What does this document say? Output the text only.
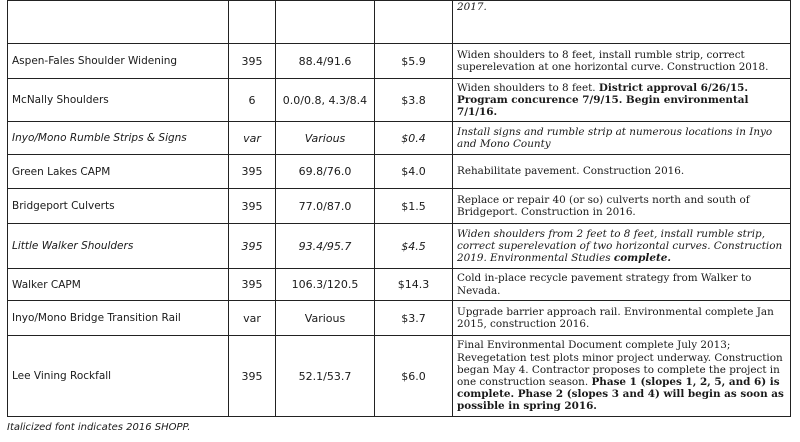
				2017.
Aspen-Fales Shoulder Widening	395	88.4/91.6	$5.9	Widen shoulders to 8 feet, install rumble strip, correct superelevation at one horizontal curve. Construction 2018.
McNally Shoulders	6	0.0/0.8, 4.3/8.4	$3.8	Widen shoulders to 8 feet. District approval 6/26/15. Program concurence 7/9/15. Begin environmental 7/1/16.
Inyo/Mono Rumble Strips & Signs	var	Various	$0.4	Install signs and rumble strip at numerous locations in Inyo and Mono County
Green Lakes CAPM	395	69.8/76.0	$4.0	Rehabilitate pavement. Construction 2016.
Bridgeport Culverts	395	77.0/87.0	$1.5	Replace or repair 40 (or so) culverts north and south of Bridgeport. Construction in 2016.
Little Walker Shoulders	395	93.4/95.7	$4.5	Widen shoulders from 2 feet to 8 feet, install rumble strip, correct superelevation of two horizontal curves. Construction 2019. Environmental Studies complete.
Walker CAPM	395	106.3/120.5	$14.3	Cold in-place recycle pavement strategy from Walker to Nevada.
Inyo/Mono Bridge Transition Rail	var	Various	$3.7	Upgrade barrier approach rail. Environmental complete Jan 2015, construction 2016.
Lee Vining Rockfall	395	52.1/53.7	$6.0	Final Environmental Document complete July 2013; Revegetation test plots minor project underway. Construction began May 4. Contractor proposes to complete the project in one construction season. Phase 1 (slopes 1, 2, 5, and 6) is complete. Phase 2 (slopes 3 and 4) will begin as soon as possible in spring 2016.
Italicized font indicates 2016 SHOPP.
